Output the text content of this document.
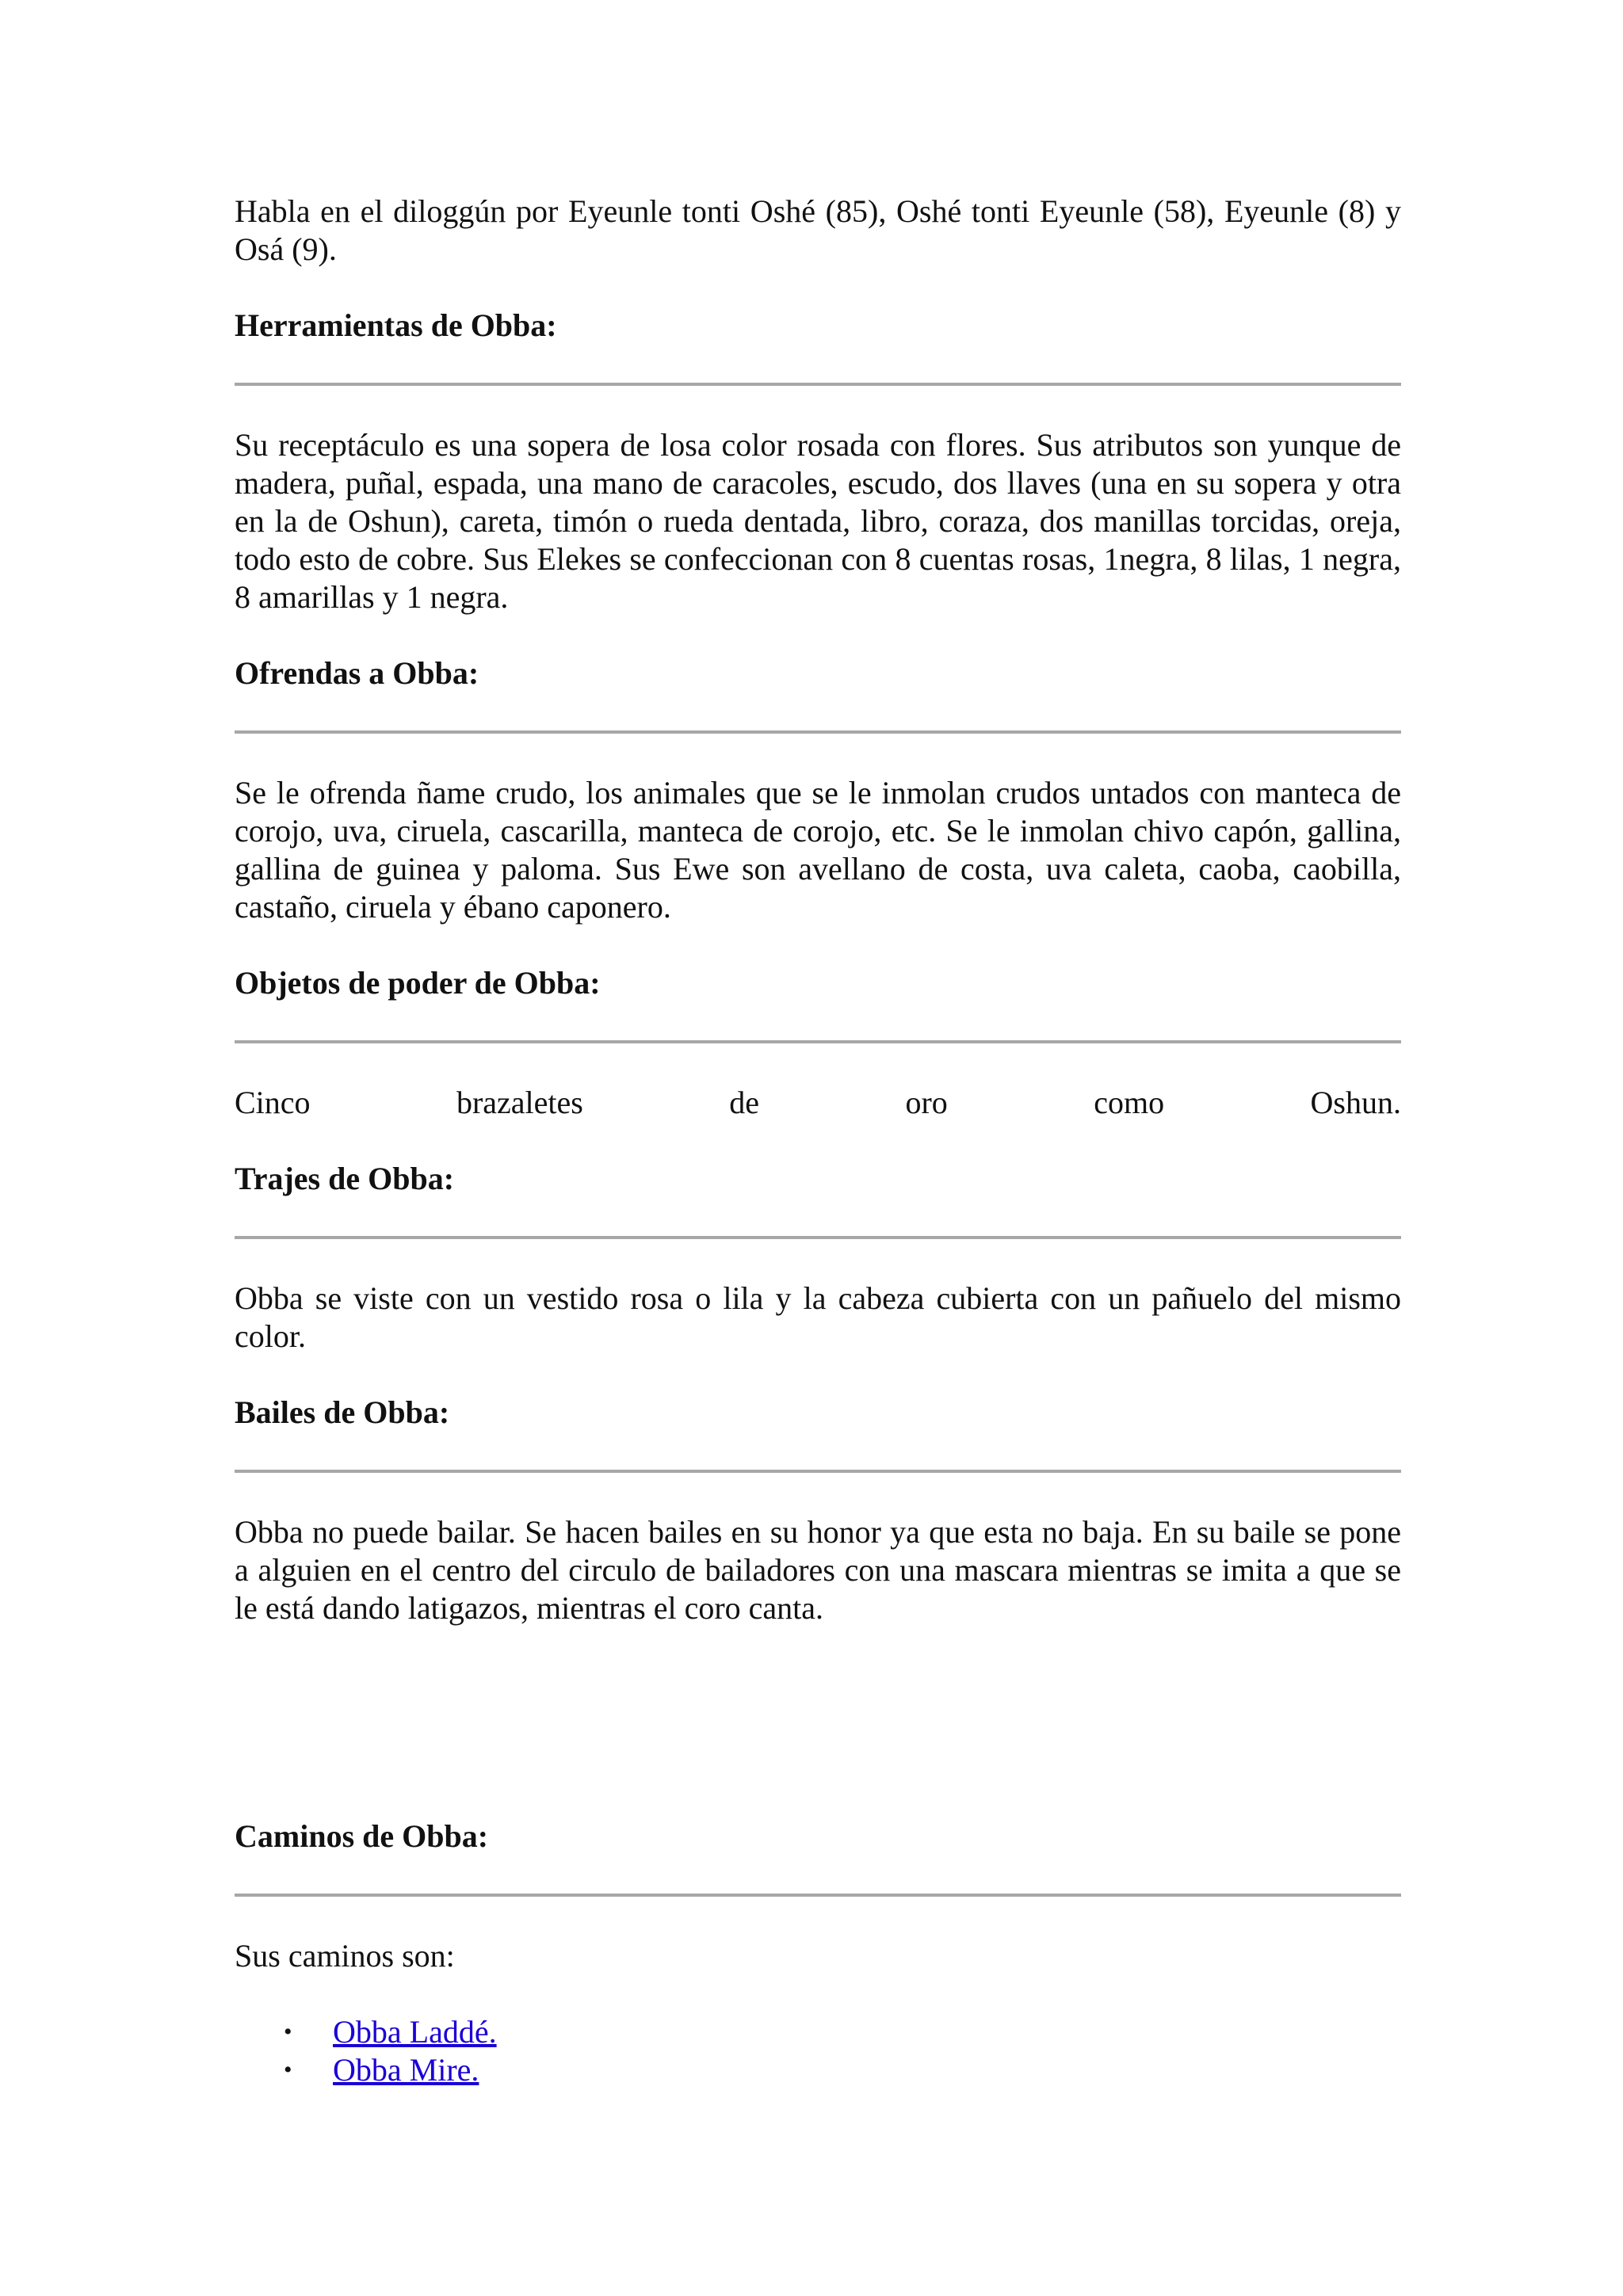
Habla en el diloggún por Eyeunle tonti Oshé (85), Oshé tonti Eyeunle (58), Eyeunle (8) y Osá (9).

Herramientas de Obba:

Su receptáculo es una sopera de losa color rosada con flores. Sus atributos son yunque de madera, puñal, espada, una mano de caracoles, escudo, dos llaves (una en su sopera y otra en la de Oshun), careta, timón o rueda dentada, libro, coraza, dos manillas torcidas, oreja, todo esto de cobre. Sus Elekes se confeccionan con 8 cuentas rosas, 1negra, 8 lilas, 1 negra, 8 amarillas y 1 negra.

Ofrendas a Obba:

Se le ofrenda ñame crudo, los animales que se le inmolan crudos untados con manteca de corojo, uva, ciruela, cascarilla, manteca de corojo, etc. Se le inmolan chivo capón, gallina, gallina de guinea y paloma. Sus Ewe son avellano de costa, uva caleta, caoba, caobilla, castaño, ciruela y ébano caponero.

Objetos de poder de Obba:

Cinco	brazaletes	de	oro	como	Oshun.

Trajes de Obba:

Obba se viste con un vestido rosa o lila y la cabeza cubierta con un pañuelo del mismo color.

Bailes de Obba:

Obba no puede bailar. Se hacen bailes en su honor ya que esta no baja. En su baile se pone a alguien en el centro del circulo de bailadores con una mascara mientras se imita a que se le está dando latigazos, mientras el coro canta.

Caminos de Obba:

Sus caminos son:

• Obba Laddé.
• Obba Mire.
